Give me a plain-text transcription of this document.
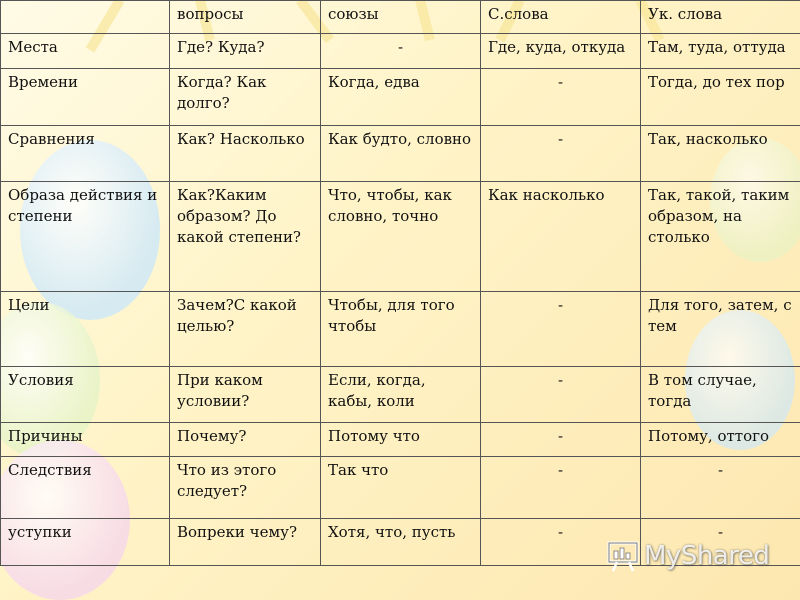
	вопросы	союзы	С.слова	Ук. слова
Места	Где? Куда?	-	Где, куда, откуда	Там, туда, оттуда
Времени	Когда? Как долго?	Когда, едва	-	Тогда, до тех пор
Сравнения	Как? Насколько	Как будто, словно	-	Так, насколько
Образа действия и степени	Как?Каким образом? До какой степени?	Что, чтобы, как словно, точно	Как насколько	Так, такой, таким образом, на столько
Цели	Зачем?С какой целью?	Чтобы, для того чтобы	-	Для того, затем, с тем
Условия	При каком условии?	Если, когда, кабы, коли	-	В том случае, тогда
Причины	Почему?	Потому что	-	Потому, оттого
Следствия	Что из этого следует?	Так что	-	-
уступки	Вопреки чему?	Хотя, что, пусть	-	-
MyShared
